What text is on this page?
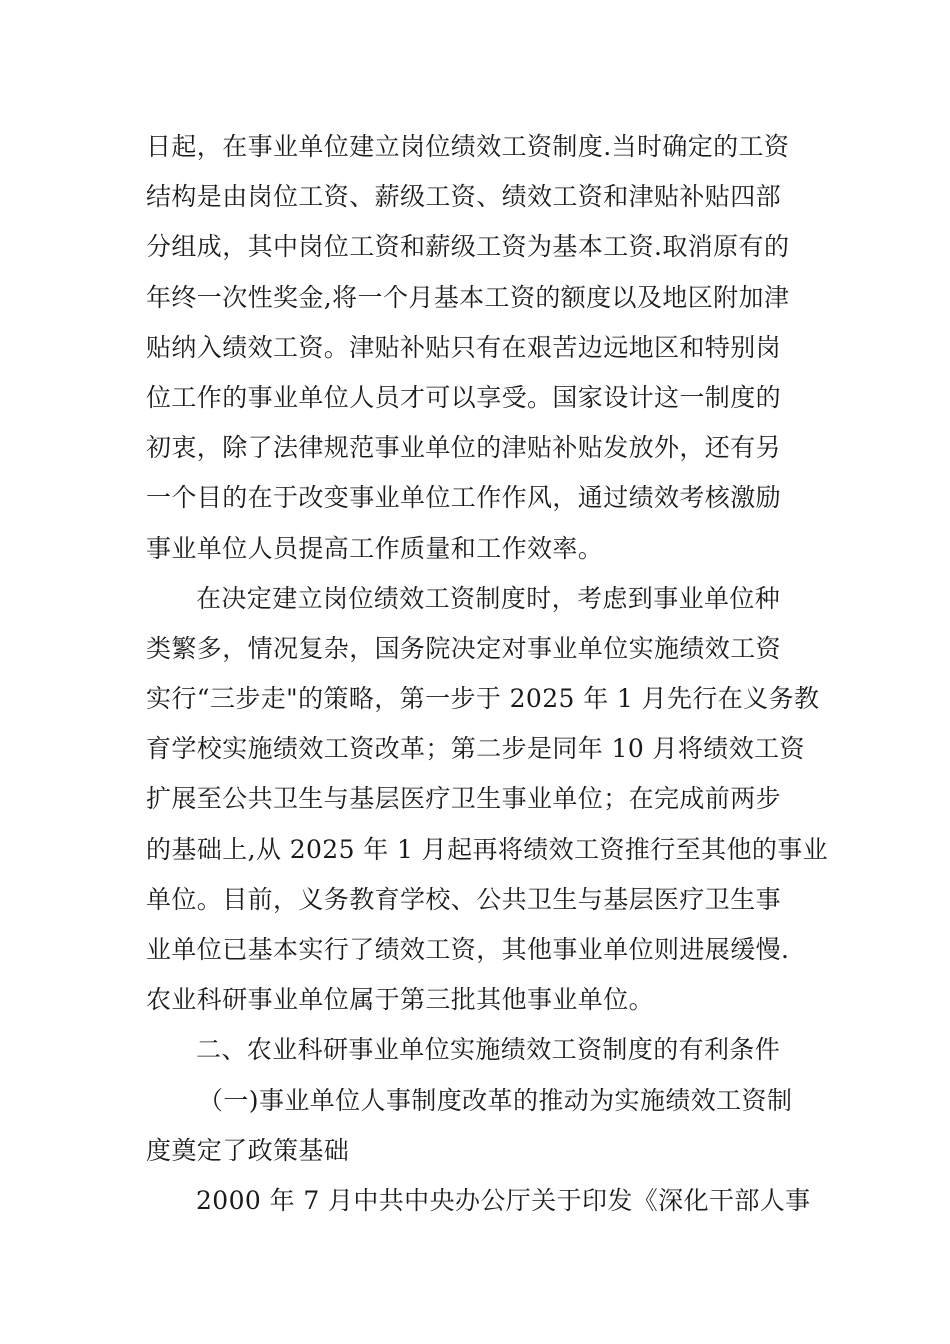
日起，在事业单位建立岗位绩效工资制度.当时确定的工资
结构是由岗位工资、薪级工资、绩效工资和津贴补贴四部
分组成，其中岗位工资和薪级工资为基本工资.取消原有的
年终一次性奖金,将一个月基本工资的额度以及地区附加津
贴纳入绩效工资。津贴补贴只有在艰苦边远地区和特别岗
位工作的事业单位人员才可以享受。国家设计这一制度的
初衷，除了法律规范事业单位的津贴补贴发放外，还有另
一个目的在于改变事业单位工作作风，通过绩效考核激励
事业单位人员提高工作质量和工作效率。
在决定建立岗位绩效工资制度时，考虑到事业单位种
类繁多，情况复杂，国务院决定对事业单位实施绩效工资
实行“三步走"的策略，第一步于 2025 年 1 月先行在义务教
育学校实施绩效工资改革；第二步是同年 10 月将绩效工资
扩展至公共卫生与基层医疗卫生事业单位；在完成前两步
的基础上,从 2025 年 1 月起再将绩效工资推行至其他的事业
单位。目前，义务教育学校、公共卫生与基层医疗卫生事
业单位已基本实行了绩效工资，其他事业单位则进展缓慢.
农业科研事业单位属于第三批其他事业单位。
二、农业科研事业单位实施绩效工资制度的有利条件
（一)事业单位人事制度改革的推动为实施绩效工资制
度奠定了政策基础
2000 年 7 月中共中央办公厅关于印发《深化干部人事
